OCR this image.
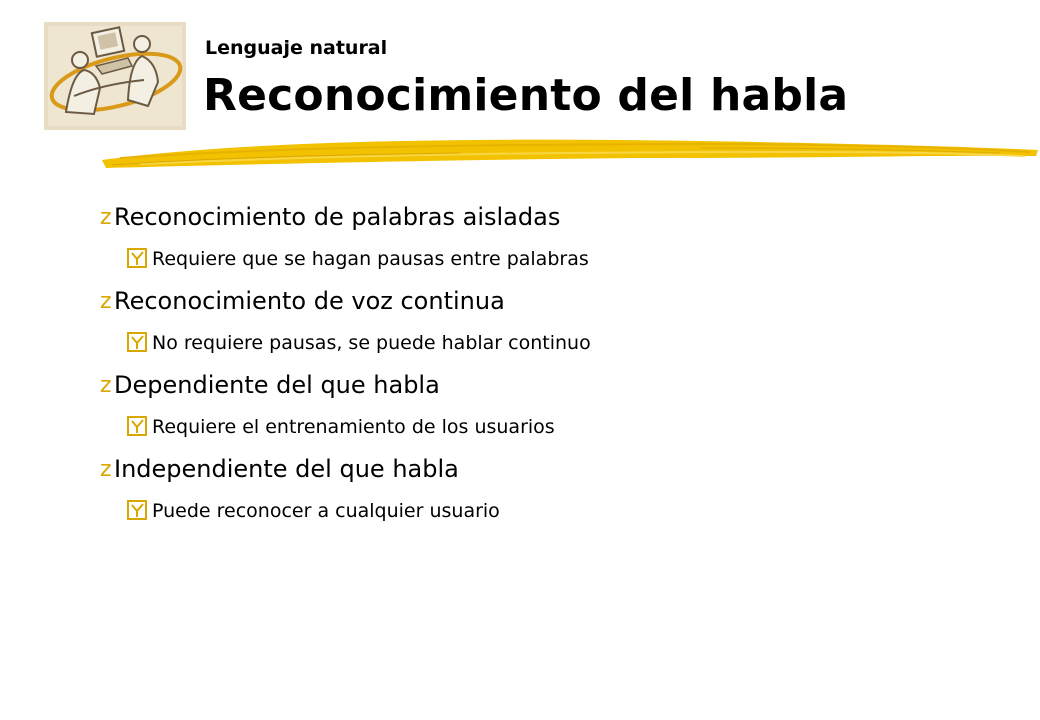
Lenguaje natural
Reconocimiento del habla
z Reconocimiento de palabras aisladas
Requiere que se hagan pausas entre palabras
z Reconocimiento de voz continua
No requiere pausas, se puede hablar continuo
z Dependiente del que habla
Requiere el entrenamiento de los usuarios
z Independiente del que habla
Puede reconocer a cualquier usuario
